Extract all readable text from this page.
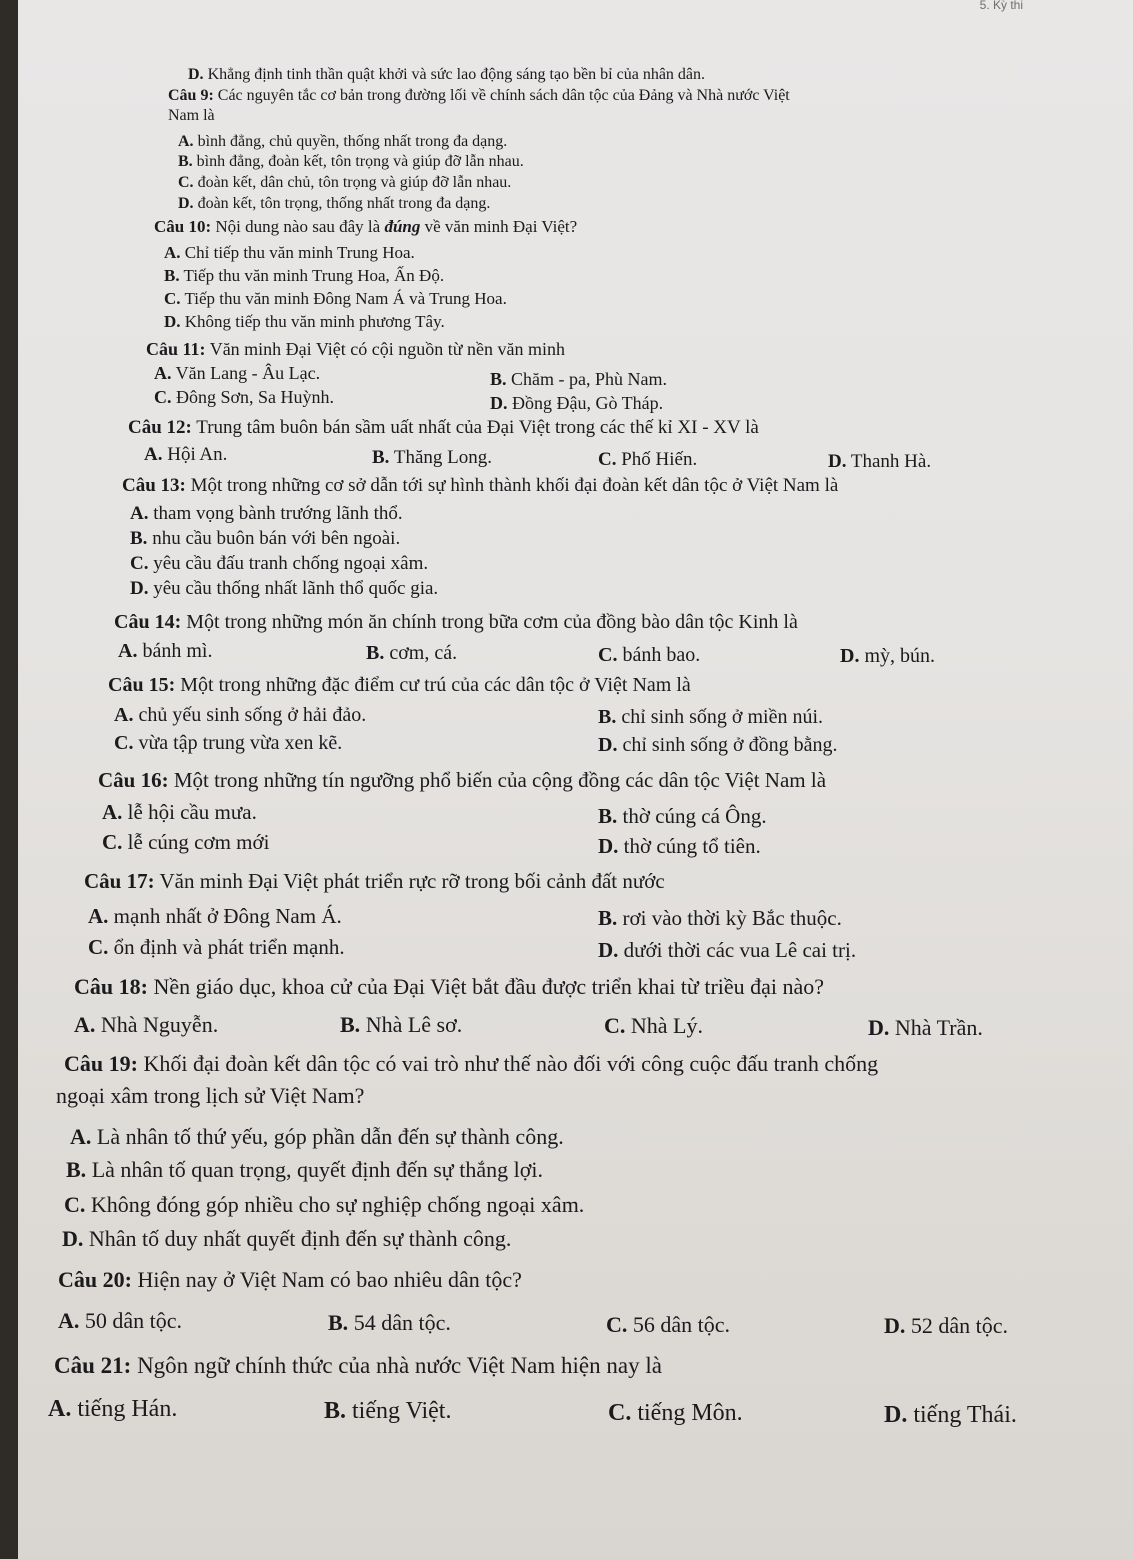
5. Kỳ thi
D. Khẳng định tinh thần quật khởi và sức lao động sáng tạo bền bỉ của nhân dân.
Câu 9: Các nguyên tắc cơ bản trong đường lối về chính sách dân tộc của Đảng và Nhà nước Việt
Nam là
A. bình đẳng, chủ quyền, thống nhất trong đa dạng.
B. bình đẳng, đoàn kết, tôn trọng và giúp đỡ lẫn nhau.
C. đoàn kết, dân chủ, tôn trọng và giúp đỡ lẫn nhau.
D. đoàn kết, tôn trọng, thống nhất trong đa dạng.
Câu 10: Nội dung nào sau đây là đúng về văn minh Đại Việt?
A. Chỉ tiếp thu văn minh Trung Hoa.
B. Tiếp thu văn minh Trung Hoa, Ấn Độ.
C. Tiếp thu văn minh Đông Nam Á và Trung Hoa.
D. Không tiếp thu văn minh phương Tây.
Câu 11: Văn minh Đại Việt có cội nguồn từ nền văn minh
A. Văn Lang - Âu Lạc.	B. Chăm - pa, Phù Nam.
C. Đông Sơn, Sa Huỳnh.	D. Đồng Đậu, Gò Tháp.
Câu 12: Trung tâm buôn bán sầm uất nhất của Đại Việt trong các thế kỉ XI - XV là
A. Hội An.	B. Thăng Long.	C. Phố Hiến.	D. Thanh Hà.
Câu 13: Một trong những cơ sở dẫn tới sự hình thành khối đại đoàn kết dân tộc ở Việt Nam là
A. tham vọng bành trướng lãnh thổ.
B. nhu cầu buôn bán với bên ngoài.
C. yêu cầu đấu tranh chống ngoại xâm.
D. yêu cầu thống nhất lãnh thổ quốc gia.
Câu 14: Một trong những món ăn chính trong bữa cơm của đồng bào dân tộc Kinh là
A. bánh mì.	B. cơm, cá.	C. bánh bao.	D. mỳ, bún.
Câu 15: Một trong những đặc điểm cư trú của các dân tộc ở Việt Nam là
A. chủ yếu sinh sống ở hải đảo.	B. chỉ sinh sống ở miền núi.
C. vừa tập trung vừa xen kẽ.	D. chỉ sinh sống ở đồng bằng.
Câu 16: Một trong những tín ngưỡng phổ biến của cộng đồng các dân tộc Việt Nam là
A. lễ hội cầu mưa.	B. thờ cúng cá Ông.
C. lễ cúng cơm mới	D. thờ cúng tổ tiên.
Câu 17: Văn minh Đại Việt phát triển rực rỡ trong bối cảnh đất nước
A. mạnh nhất ở Đông Nam Á.	B. rơi vào thời kỳ Bắc thuộc.
C. ổn định và phát triển mạnh.	D. dưới thời các vua Lê cai trị.
Câu 18: Nền giáo dục, khoa cử của Đại Việt bắt đầu được triển khai từ triều đại nào?
A. Nhà Nguyễn.	B. Nhà Lê sơ.	C. Nhà Lý.	D. Nhà Trần.
Câu 19: Khối đại đoàn kết dân tộc có vai trò như thế nào đối với công cuộc đấu tranh chống
ngoại xâm trong lịch sử Việt Nam?
A. Là nhân tố thứ yếu, góp phần dẫn đến sự thành công.
B. Là nhân tố quan trọng, quyết định đến sự thắng lợi.
C. Không đóng góp nhiều cho sự nghiệp chống ngoại xâm.
D. Nhân tố duy nhất quyết định đến sự thành công.
Câu 20: Hiện nay ở Việt Nam có bao nhiêu dân tộc?
A. 50 dân tộc.	B. 54 dân tộc.	C. 56 dân tộc.	D. 52 dân tộc.
Câu 21: Ngôn ngữ chính thức của nhà nước Việt Nam hiện nay là
A. tiếng Hán.	B. tiếng Việt.	C. tiếng Môn.	D. tiếng Thái.
